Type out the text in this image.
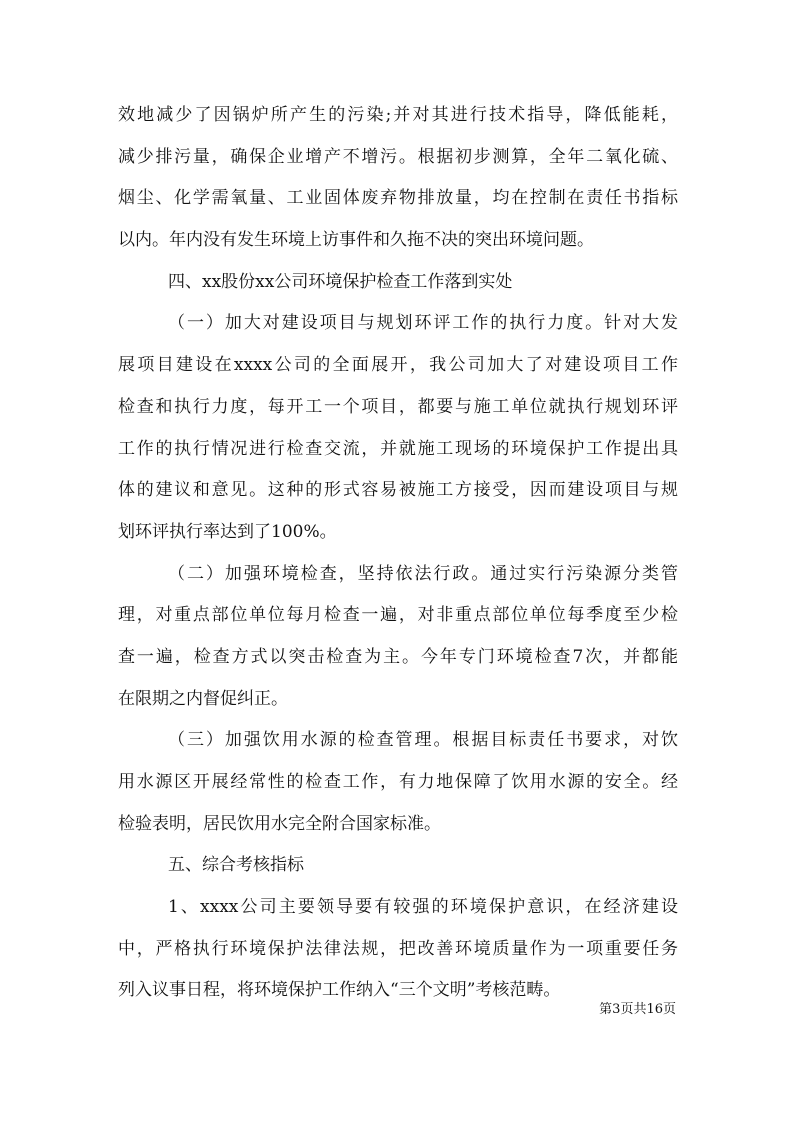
效地减少了因锅炉所产生的污染;并对其进行技术指导，降低能耗，
减少排污量，确保企业增产不增污。根据初步测算，全年二氧化硫、
烟尘、化学需氧量、工业固体废弃物排放量，均在控制在责任书指标
以内。年内没有发生环境上访事件和久拖不决的突出环境问题。
四、xx股份xx公司环境保护检查工作落到实处
（一）加大对建设项目与规划环评工作的执行力度。针对大发
展项目建设在xxxx公司的全面展开，我公司加大了对建设项目工作
检查和执行力度，每开工一个项目，都要与施工单位就执行规划环评
工作的执行情况进行检查交流，并就施工现场的环境保护工作提出具
体的建议和意见。这种的形式容易被施工方接受，因而建设项目与规
划环评执行率达到了100%。
（二）加强环境检查，坚持依法行政。通过实行污染源分类管
理，对重点部位单位每月检查一遍，对非重点部位单位每季度至少检
查一遍，检查方式以突击检查为主。今年专门环境检查7次，并都能
在限期之内督促纠正。
（三）加强饮用水源的检查管理。根据目标责任书要求，对饮
用水源区开展经常性的检查工作，有力地保障了饮用水源的安全。经
检验表明，居民饮用水完全附合国家标准。
五、综合考核指标
1、xxxx公司主要领导要有较强的环境保护意识，在经济建设
中，严格执行环境保护法律法规，把改善环境质量作为一项重要任务
列入议事日程，将环境保护工作纳入“三个文明”考核范畴。
第3页共16页
